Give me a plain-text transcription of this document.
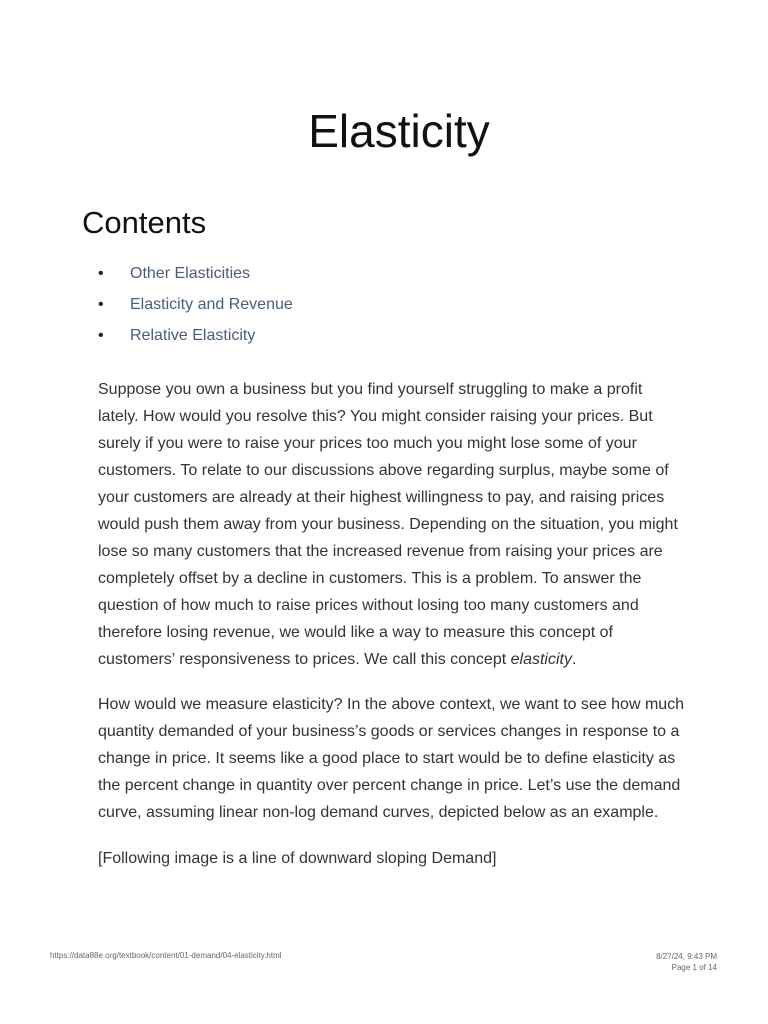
Elasticity
Contents
• Other Elasticities
• Elasticity and Revenue
• Relative Elasticity

Suppose you own a business but you find yourself struggling to make a profit
lately. How would you resolve this? You might consider raising your prices. But
surely if you were to raise your prices too much you might lose some of your
customers. To relate to our discussions above regarding surplus, maybe some of
your customers are already at their highest willingness to pay, and raising prices
would push them away from your business. Depending on the situation, you might
lose so many customers that the increased revenue from raising your prices are
completely offset by a decline in customers. This is a problem. To answer the
question of how much to raise prices without losing too many customers and
therefore losing revenue, we would like a way to measure this concept of
customers’ responsiveness to prices. We call this concept elasticity.

How would we measure elasticity? In the above context, we want to see how much
quantity demanded of your business’s goods or services changes in response to a
change in price. It seems like a good place to start would be to define elasticity as
the percent change in quantity over percent change in price. Let’s use the demand
curve, assuming linear non-log demand curves, depicted below as an example.

[Following image is a line of downward sloping Demand]

https://data88e.org/textbook/content/01-demand/04-elasticity.html	8/27/24, 9:43 PM
Page 1 of 14
